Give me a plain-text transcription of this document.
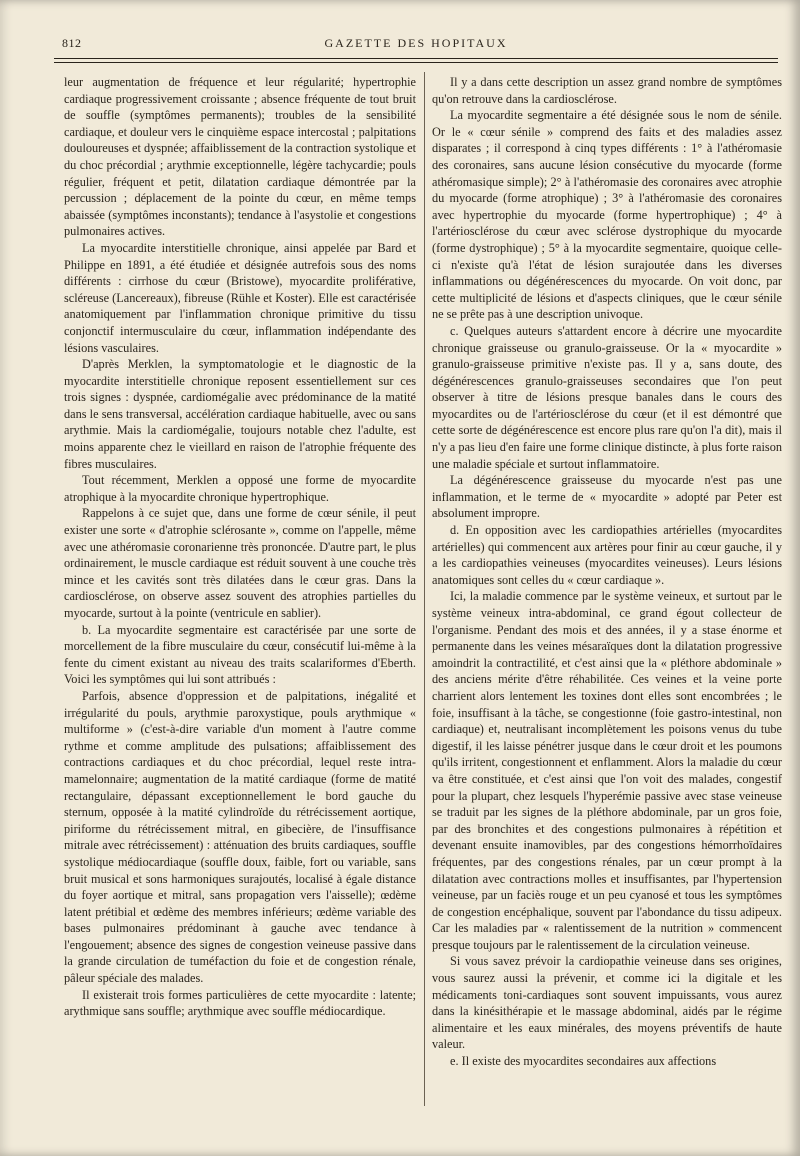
812	GAZETTE DES HOPITAUX

leur augmentation de fréquence et leur régularité; hypertrophie cardiaque progressivement croissante ; absence fréquente de tout bruit de souffle (symptômes permanents); troubles de la sensibilité cardiaque, et douleur vers le cinquième espace intercostal ; palpitations douloureuses et dyspnée; affaiblissement de la contraction systolique et du choc précordial ; arythmie exceptionnelle, légère tachycardie; pouls régulier, fréquent et petit, dilatation cardiaque démontrée par la percussion ; déplacement de la pointe du cœur, en même temps abaissée (symptômes inconstants); tendance à l'asystolie et congestions pulmonaires actives.

La myocardite interstitielle chronique, ainsi appelée par Bard et Philippe en 1891, a été étudiée et désignée autrefois sous des noms différents : cirrhose du cœur (Bristowe), myocardite proliférative, scléreuse (Lancereaux), fibreuse (Rühle et Koster). Elle est caractérisée anatomiquement par l'inflammation chronique primitive du tissu conjonctif intermusculaire du cœur, inflammation indépendante des lésions vasculaires.

D'après Merklen, la symptomatologie et le diagnostic de la myocardite interstitielle chronique reposent essentiellement sur ces trois signes : dyspnée, cardiomégalie avec prédominance de la matité dans le sens transversal, accélération cardiaque habituelle, avec ou sans arythmie. Mais la cardiomégalie, toujours notable chez l'adulte, est moins apparente chez le vieillard en raison de l'atrophie fréquente des fibres musculaires.

Tout récemment, Merklen a opposé une forme de myocardite atrophique à la myocardite chronique hypertrophique.

Rappelons à ce sujet que, dans une forme de cœur sénile, il peut exister une sorte « d'atrophie sclérosante », comme on l'appelle, même avec une athéromasie coronarienne très prononcée. D'autre part, le plus ordinairement, le muscle cardiaque est réduit souvent à une couche très mince et les cavités sont très dilatées dans le cœur gras. Dans la cardiosclérose, on observe assez souvent des atrophies partielles du myocarde, surtout à la pointe (ventricule en sablier).

b. La myocardite segmentaire est caractérisée par une sorte de morcellement de la fibre musculaire du cœur, consécutif lui-même à la fente du ciment existant au niveau des traits scalariformes d'Eberth. Voici les symptômes qui lui sont attribués :

Parfois, absence d'oppression et de palpitations, inégalité et irrégularité du pouls, arythmie paroxystique, pouls arythmique « multiforme » (c'est-à-dire variable d'un moment à l'autre comme rythme et comme amplitude des pulsations; affaiblissement des contractions cardiaques et du choc précordial, lequel reste intra-mamelonnaire; augmentation de la matité cardiaque (forme de matité rectangulaire, dépassant exceptionnellement le bord gauche du sternum, opposée à la matité cylindroïde du rétrécissement aortique, piriforme du rétrécissement mitral, en gibecière, de l'insuffisance mitrale avec rétrécissement) : atténuation des bruits cardiaques, souffle systolique médiocardiaque (souffle doux, faible, fort ou variable, sans bruit musical et sons harmoniques surajoutés, localisé à égale distance du foyer aortique et mitral, sans propagation vers l'aisselle); œdème latent prétibial et œdème des membres inférieurs; œdème variable des bases pulmonaires prédominant à gauche avec tendance à l'engouement; absence des signes de congestion veineuse passive dans la grande circulation de tuméfaction du foie et de congestion rénale, pâleur spéciale des malades.

Il existerait trois formes particulières de cette myocardite : latente; arythmique sans souffle; arythmique avec souffle médiocardique.

Il y a dans cette description un assez grand nombre de symptômes qu'on retrouve dans la cardiosclérose.

La myocardite segmentaire a été désignée sous le nom de sénile. Or le « cœur sénile » comprend des faits et des maladies assez disparates ; il correspond à cinq types différents : 1° à l'athéromasie des coronaires, sans aucune lésion consécutive du myocarde (forme athéromasique simple); 2° à l'athéromasie des coronaires avec atrophie du myocarde (forme atrophique) ; 3° à l'athéromasie des coronaires avec hypertrophie du myocarde (forme hypertrophique) ; 4° à l'artériosclérose du cœur avec sclérose dystrophique du myocarde (forme dystrophique) ; 5° à la myocardite segmentaire, quoique celle-ci n'existe qu'à l'état de lésion surajoutée dans les diverses inflammations ou dégénérescences du myocarde. On voit donc, par cette multiplicité de lésions et d'aspects cliniques, que le cœur sénile ne se prête pas à une description univoque.

c. Quelques auteurs s'attardent encore à décrire une myocardite chronique graisseuse ou granulo-graisseuse. Or la « myocardite » granulo-graisseuse primitive n'existe pas. Il y a, sans doute, des dégénérescences granulo-graisseuses secondaires que l'on peut observer à titre de lésions presque banales dans le cours des myocardites ou de l'artériosclérose du cœur (et il est démontré que cette sorte de dégénérescence est encore plus rare qu'on l'a dit), mais il n'y a pas lieu d'en faire une forme clinique distincte, à plus forte raison une maladie spéciale et surtout inflammatoire.

La dégénérescence graisseuse du myocarde n'est pas une inflammation, et le terme de « myocardite » adopté par Peter est absolument impropre.

d. En opposition avec les cardiopathies artérielles (myocardites artérielles) qui commencent aux artères pour finir au cœur gauche, il y a les cardiopathies veineuses (myocardites veineuses). Leurs lésions anatomiques sont celles du « cœur cardiaque ».

Ici, la maladie commence par le système veineux, et surtout par le système veineux intra-abdominal, ce grand égout collecteur de l'organisme. Pendant des mois et des années, il y a stase énorme et permanente dans les veines mésaraïques dont la dilatation progressive amoindrit la contractilité, et c'est ainsi que la « pléthore abdominale » des anciens mérite d'être réhabilitée. Ces veines et la veine porte charrient alors lentement les toxines dont elles sont encombrées ; le foie, insuffisant à la tâche, se congestionne (foie gastro-intestinal, non cardiaque) et, neutralisant incomplètement les poisons venus du tube digestif, il les laisse pénétrer jusque dans le cœur droit et les poumons qu'ils irritent, congestionnent et enflamment. Alors la maladie du cœur va être constituée, et c'est ainsi que l'on voit des malades, congestif pour la plupart, chez lesquels l'hyperémie passive avec stase veineuse se traduit par les signes de la pléthore abdominale, par un gros foie, par des bronchites et des congestions pulmonaires à répétition et devenant ensuite inamovibles, par des congestions hémorrhoïdaires fréquentes, par des congestions rénales, par un cœur prompt à la dilatation avec contractions molles et insuffisantes, par l'hypertension veineuse, par un faciès rouge et un peu cyanosé et tous les symptômes de congestion encéphalique, souvent par l'abondance du tissu adipeux. Car les maladies par « ralentissement de la nutrition » commencent presque toujours par le ralentissement de la circulation veineuse.

Si vous savez prévoir la cardiopathie veineuse dans ses origines, vous saurez aussi la prévenir, et comme ici la digitale et les médicaments toni-cardiaques sont souvent impuissants, vous aurez dans la kinésithérapie et le massage abdominal, aidés par le régime alimentaire et les eaux minérales, des moyens préventifs de haute valeur.

e. Il existe des myocardites secondaires aux affections
